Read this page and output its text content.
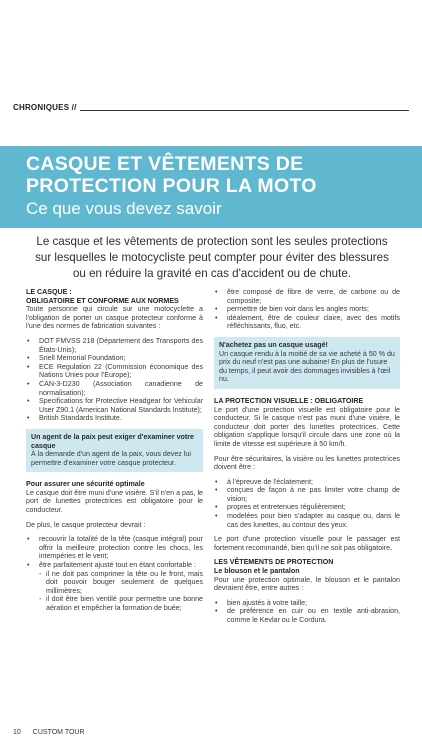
CHRONIQUES //
CASQUE ET VÊTEMENTS DE PROTECTION POUR LA MOTO
Ce que vous devez savoir
Le casque et les vêtements de protection sont les seules protections sur lesquelles le motocycliste peut compter pour éviter des blessures ou en réduire la gravité en cas d'accident ou de chute.
LE CASQUE :
OBLIGATOIRE ET CONFORME AUX NORMES

Toute personne qui circule sur une motocyclette a l'obligation de porter un casque protecteur conforme à l'une des normes de fabrication suivantes :

• DOT FMVSS 218 (Département des Transports des États-Unis);
• Snell Memorial Foundation;
• ECE Regulation 22 (Commission économique des Nations Unies pour l'Europe);
• CAN-3-D230 (Association canadienne de normalisation);
• Specifications for Protective Headgear for Vehicular User Z90.1 (American National Standards Institute);
• British Standards Institute.
Un agent de la paix peut exiger d'examiner votre casque
À la demande d'un agent de la paix, vous devez lui permettre d'examiner votre casque protecteur.
Pour assurer une sécurité optimale

Le casque doit être muni d'une visière. S'il n'en a pas, le port de lunettes protectrices est obligatoire pour le conducteur.

De plus, le casque protecteur devrait :

• recouvrir la totalité de la tête (casque intégral) pour offrir la meilleure protection contre les chocs, les intempéries et le vent;
• être parfaitement ajusté tout en étant confortable :
- il ne doit pas comprimer la tête ou le front, mais doit pouvoir bouger seulement de quelques millimètres;
- il doit être bien ventilé pour permettre une bonne aération et empêcher la formation de buée;
• être composé de fibre de verre, de carbone ou de composite;
• permettre de bien voir dans les angles morts;
• idéalement, être de couleur claire, avec des motifs réfléchissants, fluo, etc.
N'achetez pas un casque usagé!
Un casque rendu à la moitié de sa vie acheté à 50 % du prix du neuf n'est pas une aubaine! En plus de l'usure du temps, il peut avoir des dommages invisibles à l'œil nu.
LA PROTECTION VISUELLE : OBLIGATOIRE

Le port d'une protection visuelle est obligatoire pour le conducteur. Si le casque n'est pas muni d'une visière, le conducteur doit porter des lunettes protectrices. Cette obligation s'applique lorsqu'il circule dans une zone où la limite de vitesse est supérieure à 50 km/h.

Pour être sécuritaires, la visière ou les lunettes protectrices doivent être :

• à l'épreuve de l'éclatement;
• conçues de façon à ne pas limiter votre champ de vision;
• propres et entretenues régulièrement;
• modelées pour bien s'adapter au casque ou, dans le cas des lunettes, au contour des yeux.

Le port d'une protection visuelle pour le passager est fortement recommandé, bien qu'il ne soit pas obligatoire.

LES VÊTEMENTS DE PROTECTION
Le blouson et le pantalon

Pour une protection optimale, le blouson et le pantalon devraient être, entre autres :

• bien ajustés à votre taille;
• de préférence en cuir ou en textile anti-abrasion, comme le Kevlar ou le Cordura.
10 CUSTOM TOUR
